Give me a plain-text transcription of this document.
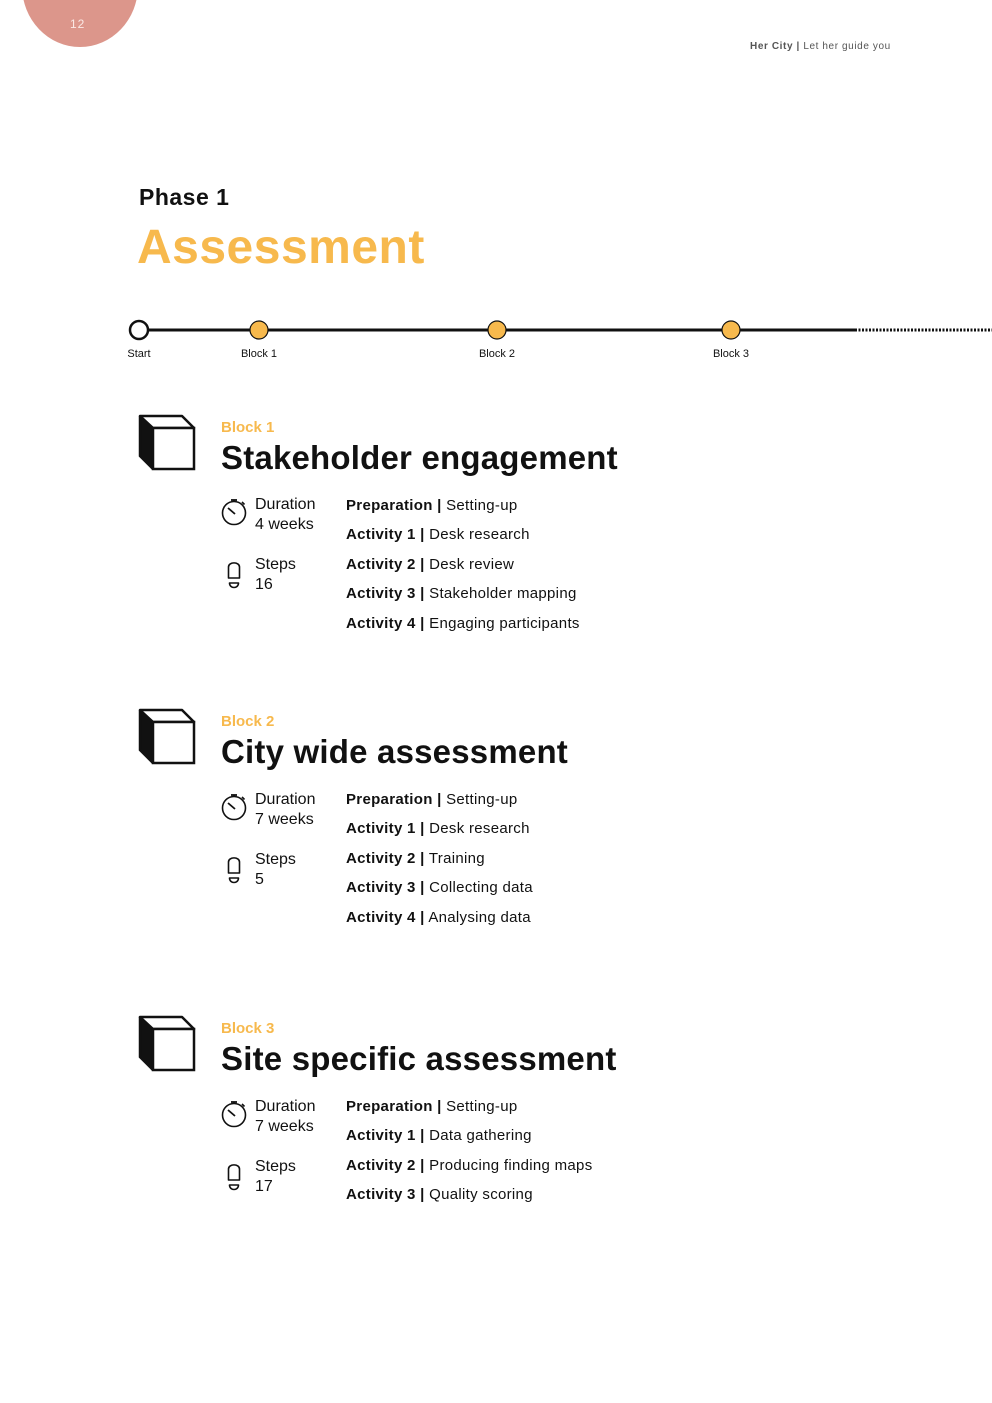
12
Her City | Let her guide you
Phase 1
Assessment
Start	Block 1	Block 2	Block 3
Block 1
Stakeholder engagement
Duration
4 weeks
Steps
16
Preparation | Setting-up
Activity 1 | Desk research
Activity 2 | Desk review
Activity 3 | Stakeholder mapping
Activity 4 | Engaging participants
Block 2
City wide assessment
Duration
7 weeks
Steps
5
Preparation | Setting-up
Activity 1 | Desk research
Activity 2 | Training
Activity 3 | Collecting data
Activity 4 | Analysing data
Block 3
Site specific assessment
Duration
7 weeks
Steps
17
Preparation | Setting-up
Activity 1 | Data gathering
Activity 2 | Producing finding maps
Activity 3 | Quality scoring
